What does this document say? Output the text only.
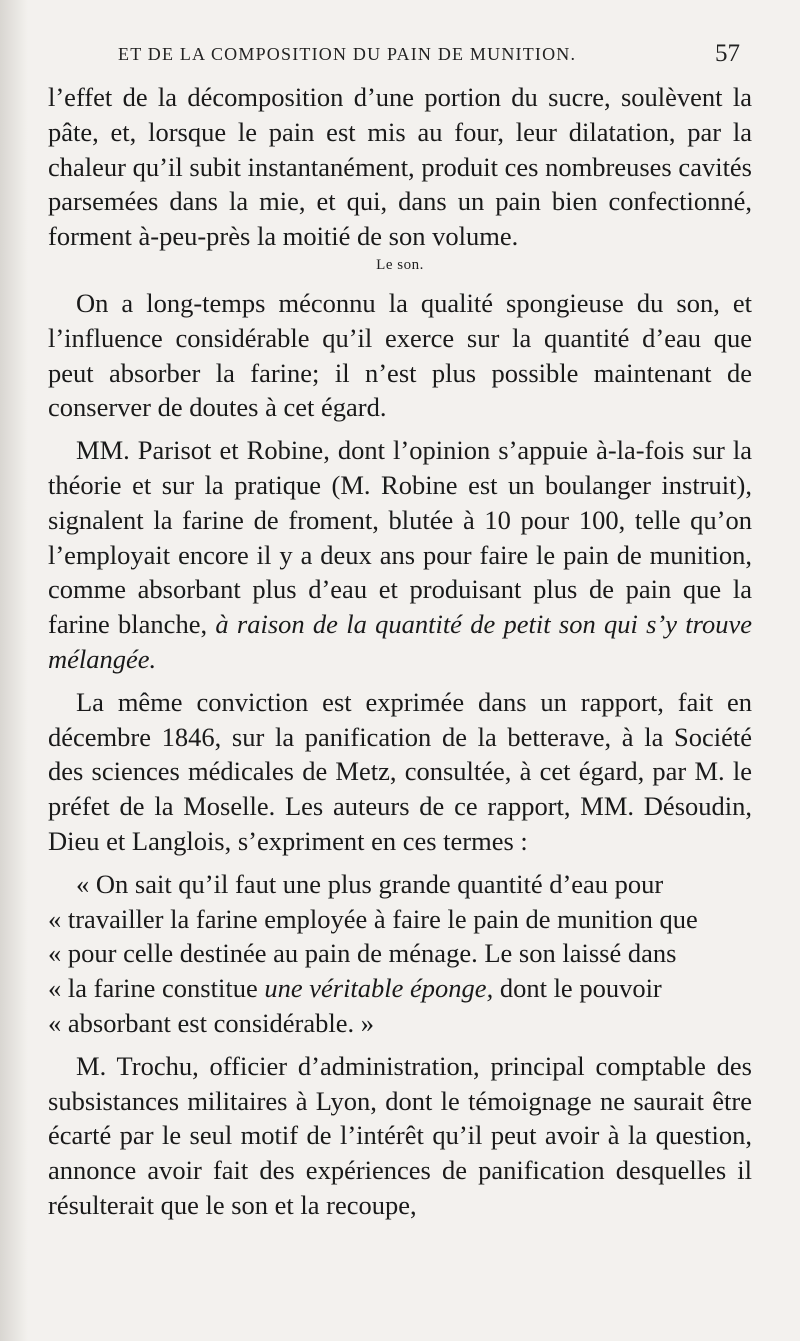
ET DE LA COMPOSITION DU PAIN DE MUNITION.	57

l’effet de la décomposition d’une portion du sucre, soulèvent la pâte, et, lorsque le pain est mis au four, leur dilatation, par la chaleur qu’il subit instantanément, produit ces nombreuses cavités parsemées dans la mie, et qui, dans un pain bien confectionné, forment à-peu-près la moitié de son volume.

Le son.

On a long-temps méconnu la qualité spongieuse du son, et l’influence considérable qu’il exerce sur la quantité d’eau que peut absorber la farine; il n’est plus possible maintenant de conserver de doutes à cet égard.

MM. Parisot et Robine, dont l’opinion s’appuie à-la-fois sur la théorie et sur la pratique (M. Robine est un boulanger instruit), signalent la farine de froment, blutée à 10 pour 100, telle qu’on l’employait encore il y a deux ans pour faire le pain de munition, comme absorbant plus d’eau et produisant plus de pain que la farine blanche, à raison de la quantité de petit son qui s’y trouve mélangée.

La même conviction est exprimée dans un rapport, fait en décembre 1846, sur la panification de la betterave, à la Société des sciences médicales de Metz, consultée, à cet égard, par M. le préfet de la Moselle. Les auteurs de ce rapport, MM. Désoudin, Dieu et Langlois, s’expriment en ces termes :

« On sait qu’il faut une plus grande quantité d’eau pour

« travailler la farine employée à faire le pain de munition que

« pour celle destinée au pain de ménage. Le son laissé dans

« la farine constitue une véritable éponge, dont le pouvoir

« absorbant est considérable. »

M. Trochu, officier d’administration, principal comptable des subsistances militaires à Lyon, dont le témoignage ne saurait être écarté par le seul motif de l’intérêt qu’il peut avoir à la question, annonce avoir fait des expériences de panification desquelles il résulterait que le son et la recoupe,
